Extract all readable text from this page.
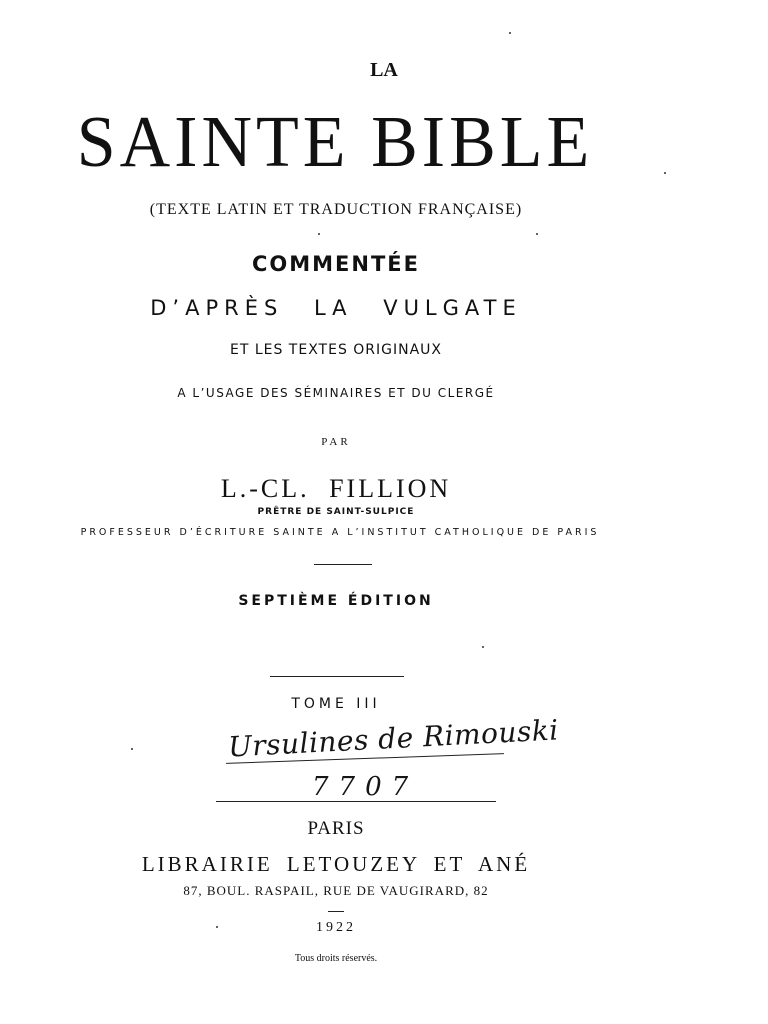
LA
SAINTE BIBLE
(TEXTE LATIN ET TRADUCTION FRANÇAISE)
COMMENTÉE
D’APRÈS LA VULGATE
ET LES TEXTES ORIGINAUX
A L’USAGE DES SÉMINAIRES ET DU CLERGÉ
PAR
L.-CL. FILLION
PRÊTRE DE SAINT-SULPICE
PROFESSEUR D’ÉCRITURE SAINTE A L’INSTITUT CATHOLIQUE DE PARIS
SEPTIÈME ÉDITION
TOME III
Ursulines de Rimouski
7707
PARIS
LIBRAIRIE LETOUZEY ET ANÉ
87, BOUL. RASPAIL, RUE DE VAUGIRARD, 82
1922
Tous droits réservés.
